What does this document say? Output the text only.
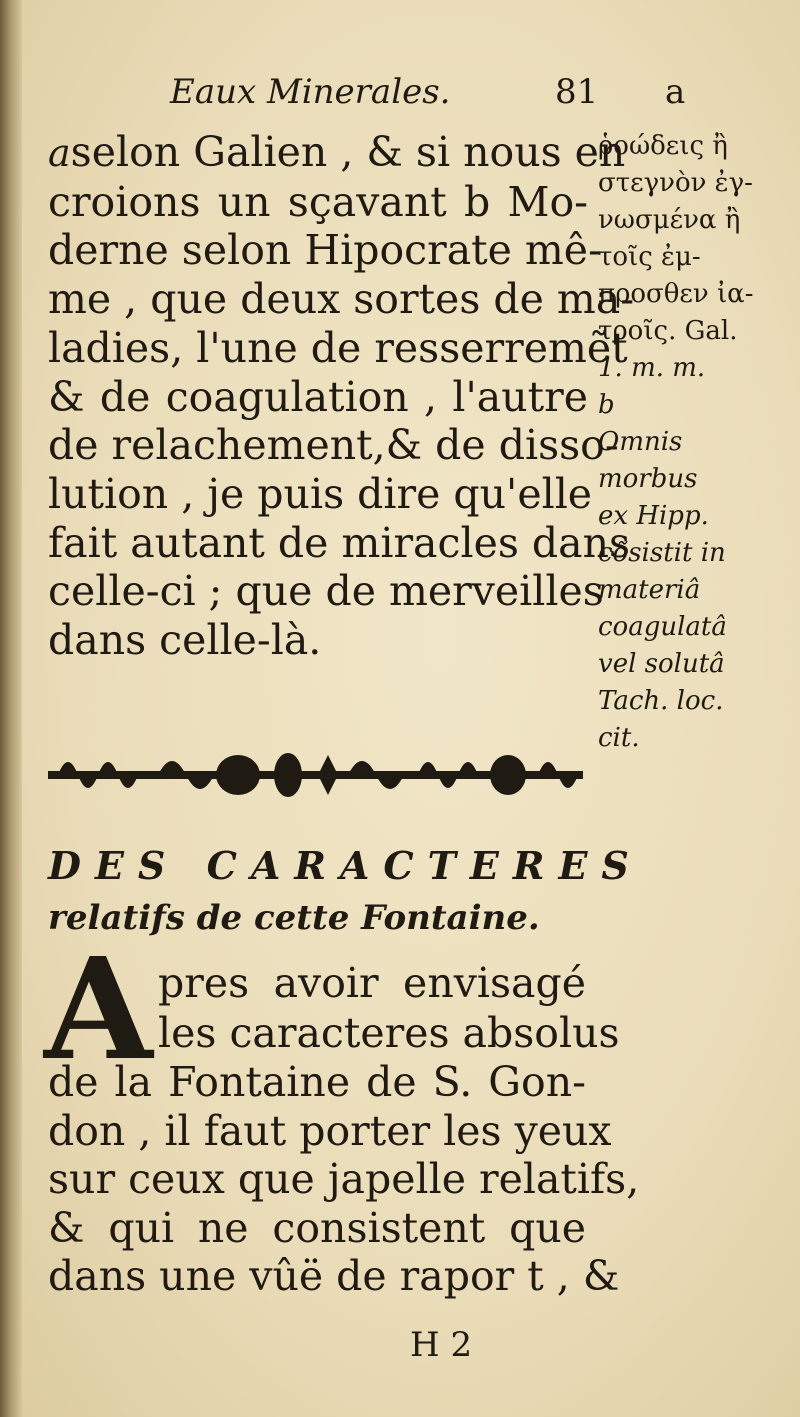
Eaux Minerales.	81 a
aselon Galien , & si nous en
croions un sçavant b Mo-
derne selon Hipocrate mê-
me , que deux sortes de ma-
ladies, l'une de resserremẽt
& de coagulation , l'autre
de relachement,& de disso-
lution , je puis dire qu'elle
fait autant de miracles dans
celle-ci ; que de merveilles
dans celle-là.
ῥοώδεις ἢ
στεγνὸν ἐγ-
νωσμένα ἢ
τοῖς ἐμ-
προσθεν ἰα-
τροῖς. Gal.
1. m. m.
b
Omnis
morbus
ex Hipp.
cõsistit in
materiâ
coagulatâ
vel solutâ
Tach. loc.
cit.
DES CARACTERES
relatifs de cette Fontaine.
A pres avoir envisagé
les caracteres absolus
de la Fontaine de S. Gon-
don , il faut porter les yeux
sur ceux que japelle relatifs,
& qui ne consistent que
dans une vûë de rapor t , &
H 2
